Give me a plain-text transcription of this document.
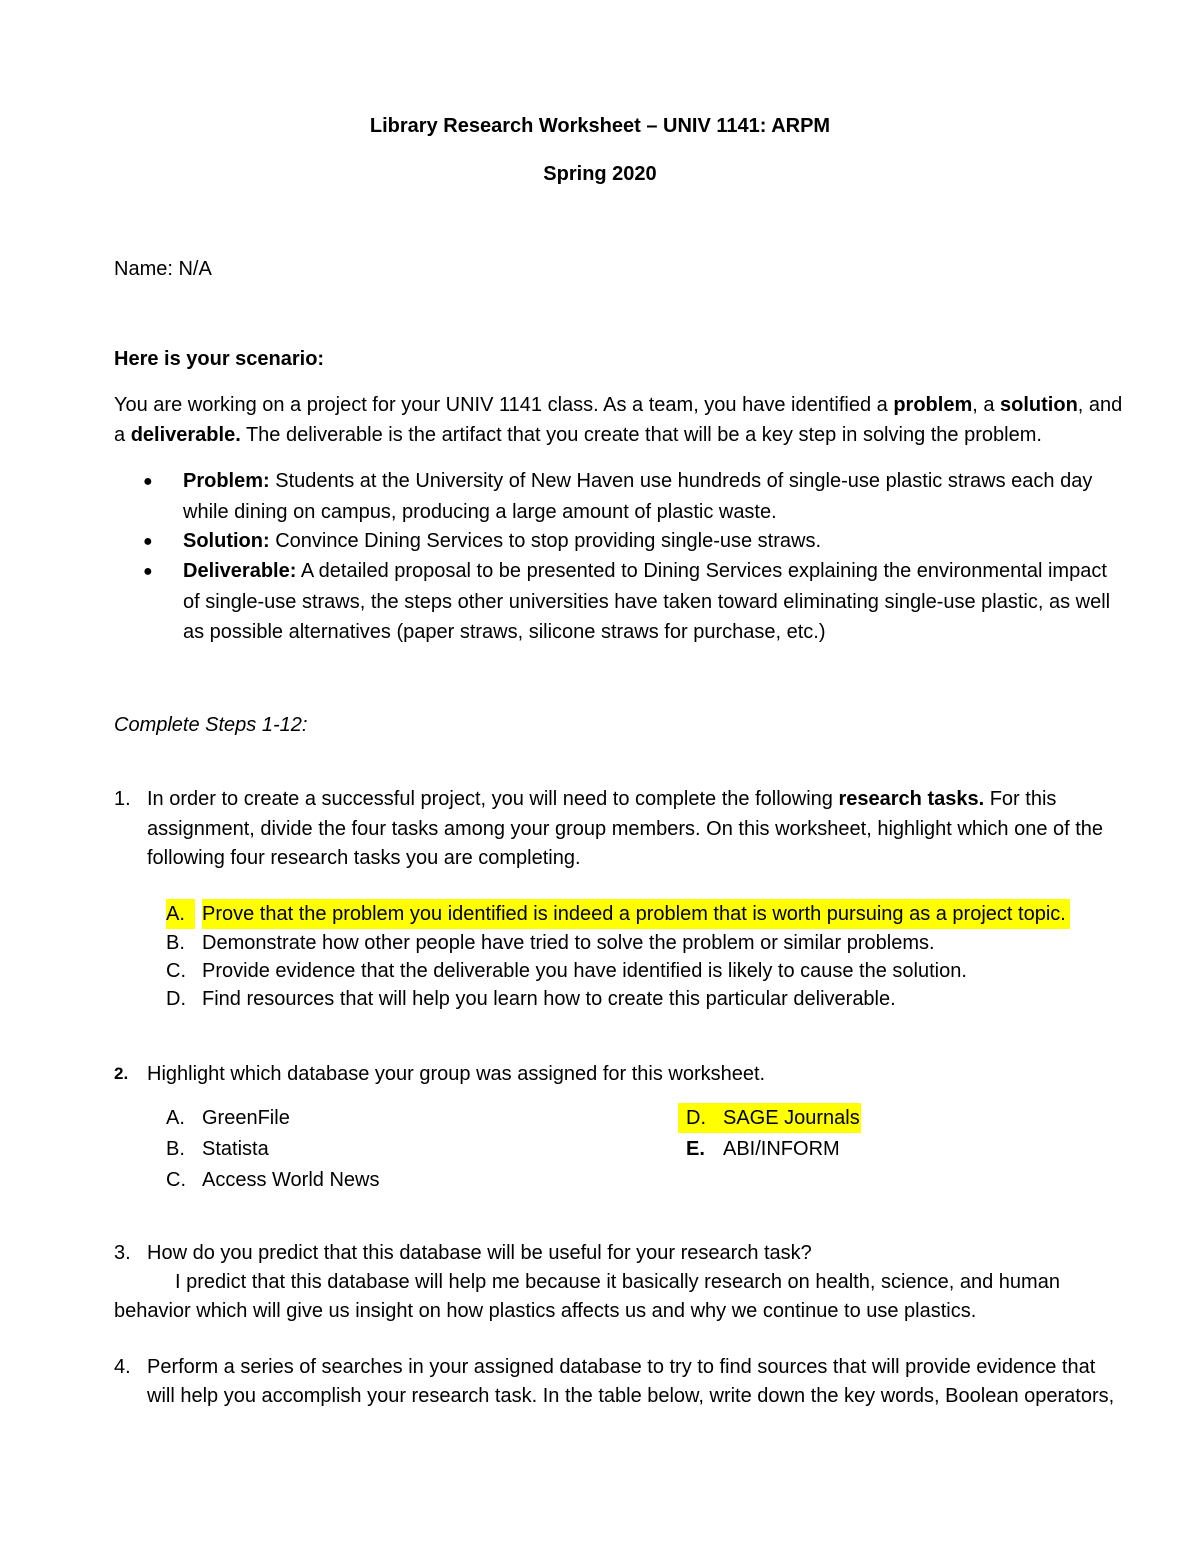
Library Research Worksheet – UNIV 1141: ARPM
Spring 2020
Name: N/A
Here is your scenario:
You are working on a project for your UNIV 1141 class. As a team, you have identified a problem, a solution, and
a deliverable. The deliverable is the artifact that you create that will be a key step in solving the problem.
● Problem: Students at the University of New Haven use hundreds of single-use plastic straws each day
while dining on campus, producing a large amount of plastic waste.
● Solution: Convince Dining Services to stop providing single-use straws.
● Deliverable: A detailed proposal to be presented to Dining Services explaining the environmental impact
of single-use straws, the steps other universities have taken toward eliminating single-use plastic, as well
as possible alternatives (paper straws, silicone straws for purchase, etc.)
Complete Steps 1-12:
1. In order to create a successful project, you will need to complete the following research tasks. For this
assignment, divide the four tasks among your group members. On this worksheet, highlight which one of the
following four research tasks you are completing.
A. Prove that the problem you identified is indeed a problem that is worth pursuing as a project topic.
B. Demonstrate how other people have tried to solve the problem or similar problems.
C. Provide evidence that the deliverable you have identified is likely to cause the solution.
D. Find resources that will help you learn how to create this particular deliverable.
2. Highlight which database your group was assigned for this worksheet.
A. GreenFile
B. Statista
C. Access World News
D. SAGE Journals
E. ABI/INFORM
3. How do you predict that this database will be useful for your research task?
I predict that this database will help me because it basically research on health, science, and human
behavior which will give us insight on how plastics affects us and why we continue to use plastics.
4. Perform a series of searches in your assigned database to try to find sources that will provide evidence that
will help you accomplish your research task. In the table below, write down the key words, Boolean operators,
